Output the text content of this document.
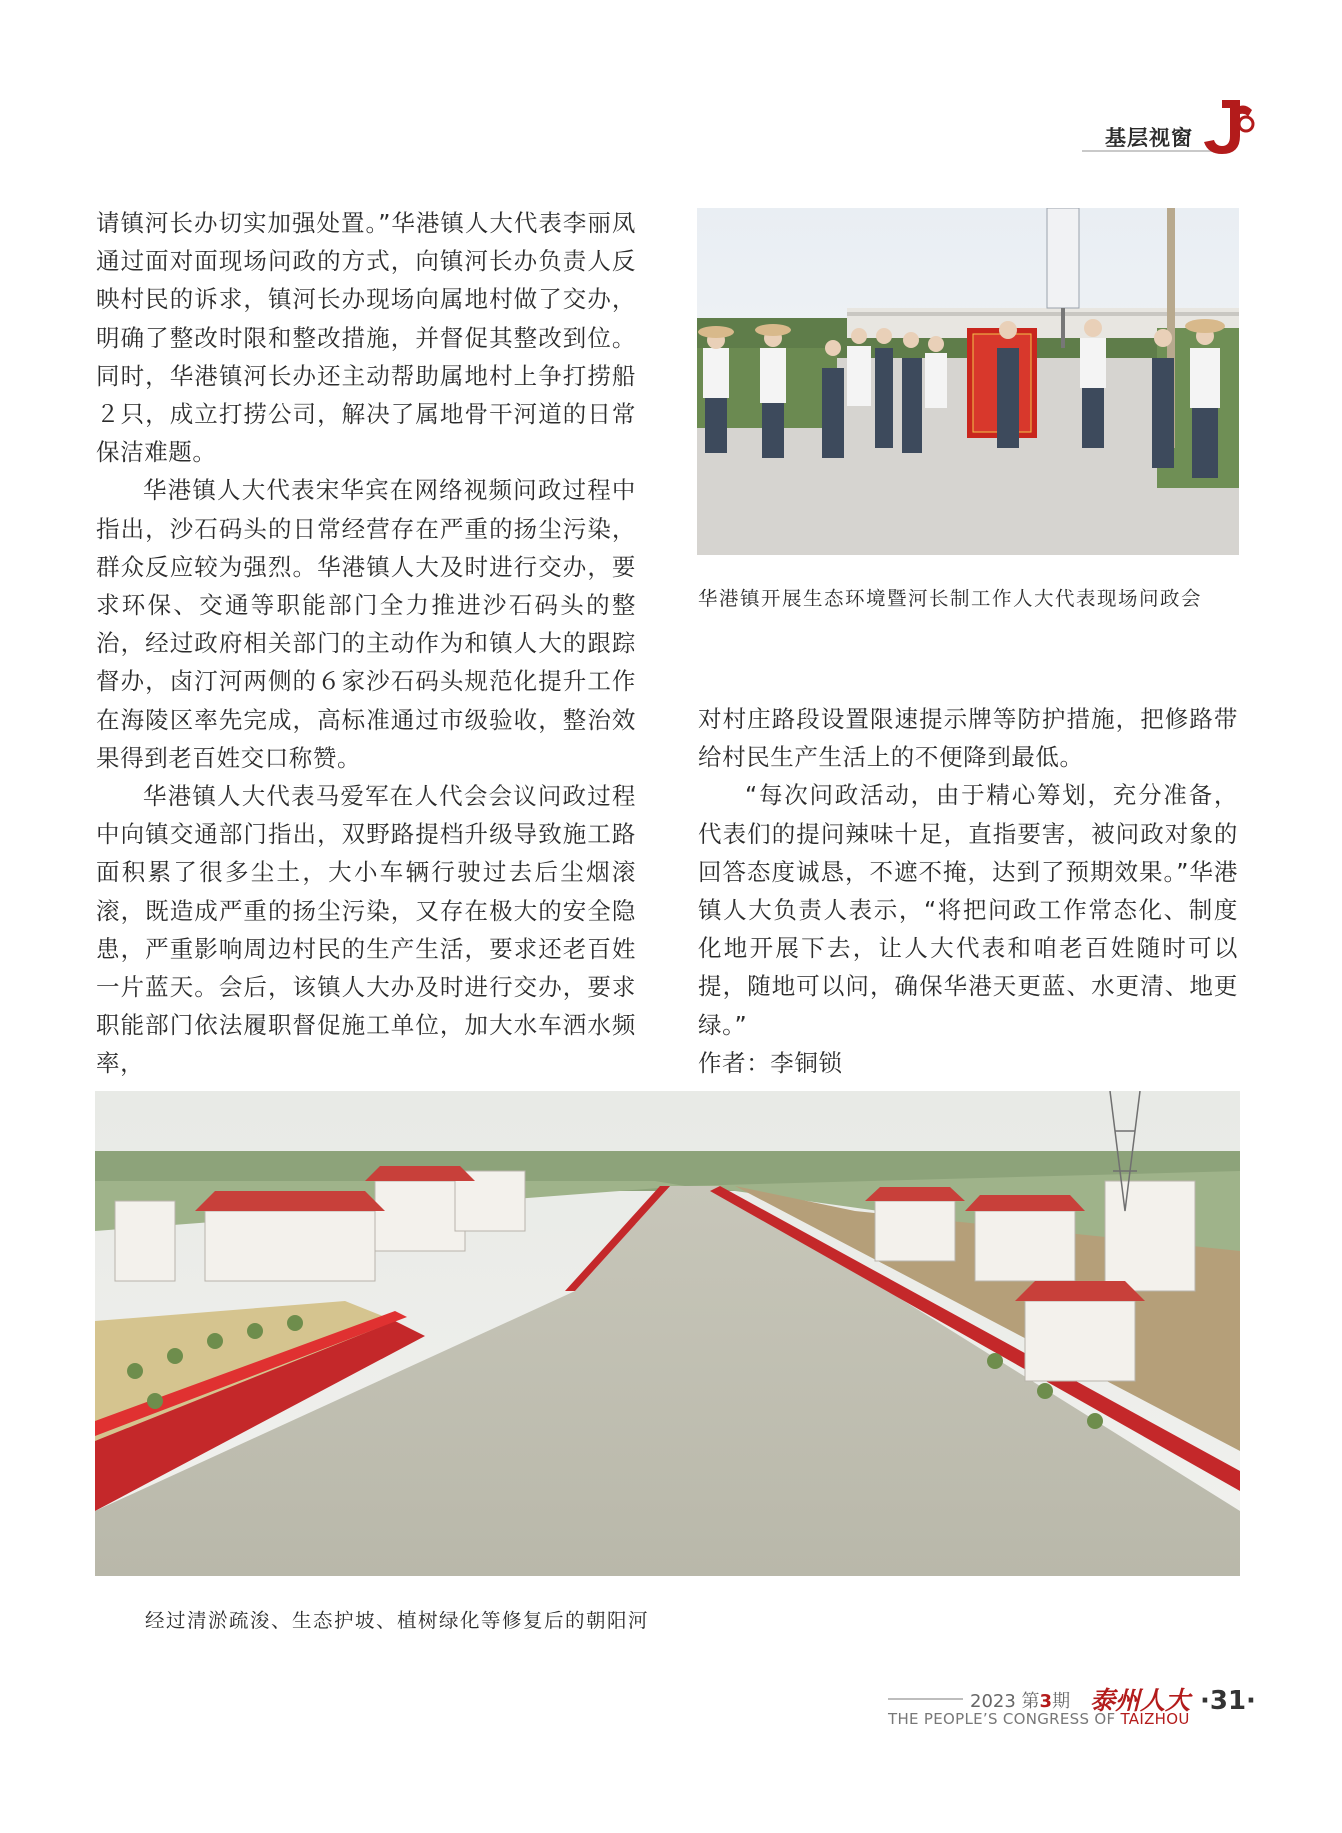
基层视窗

请镇河长办切实加强处置。”华港镇人大代表李丽凤通过面对面现场问政的方式，向镇河长办负责人反映村民的诉求，镇河长办现场向属地村做了交办，明确了整改时限和整改措施，并督促其整改到位。同时，华港镇河长办还主动帮助属地村上争打捞船２只，成立打捞公司，解决了属地骨干河道的日常保洁难题。

华港镇人大代表宋华宾在网络视频问政过程中指出，沙石码头的日常经营存在严重的扬尘污染，群众反应较为强烈。华港镇人大及时进行交办，要求环保、交通等职能部门全力推进沙石码头的整治，经过政府相关部门的主动作为和镇人大的跟踪督办，卤汀河两侧的６家沙石码头规范化提升工作在海陵区率先完成，高标准通过市级验收，整治效果得到老百姓交口称赞。

华港镇人大代表马爱军在人代会会议问政过程中向镇交通部门指出，双野路提档升级导致施工路面积累了很多尘土，大小车辆行驶过去后尘烟滚滚，既造成严重的扬尘污染，又存在极大的安全隐患，严重影响周边村民的生产生活，要求还老百姓一片蓝天。会后，该镇人大办及时进行交办，要求职能部门依法履职督促施工单位，加大水车洒水频率，

华港镇开展生态环境暨河长制工作人大代表现场问政会

对村庄路段设置限速提示牌等防护措施，把修路带给村民生产生活上的不便降到最低。

“每次问政活动，由于精心筹划，充分准备，代表们的提问辣味十足，直指要害，被问政对象的回答态度诚恳，不遮不掩，达到了预期效果。”华港镇人大负责人表示，“将把问政工作常态化、制度化地开展下去，让人大代表和咱老百姓随时可以提，随地可以问，确保华港天更蓝、水更清、地更绿。”

作者：李铜锁

经过清淤疏浚、生态护坡、植树绿化等修复后的朝阳河
2023 第3期 泰州人大
THE PEOPLE’S CONGRESS OF TAIZHOU
·31·
